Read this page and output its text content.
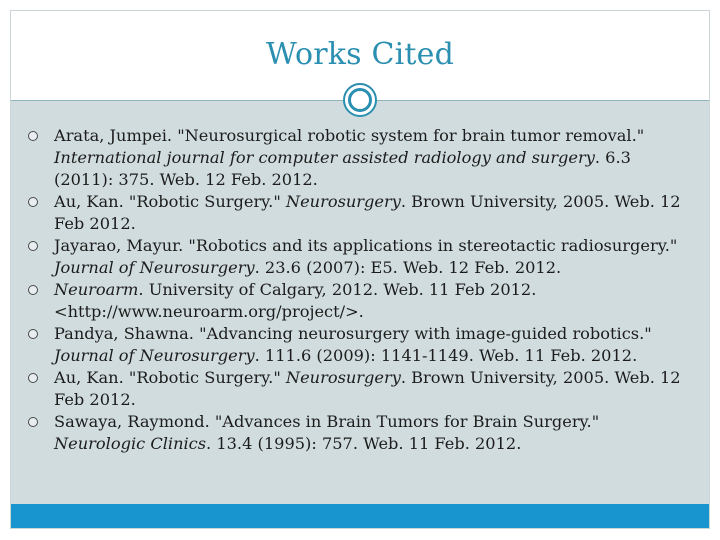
Works Cited
Arata, Jumpei. "Neurosurgical robotic system for brain tumor removal." International journal for computer assisted radiology and surgery. 6.3 (2011): 375. Web. 12 Feb. 2012.
Au, Kan. "Robotic Surgery." Neurosurgery. Brown University, 2005. Web. 12 Feb 2012.
Jayarao, Mayur. "Robotics and its applications in stereotactic radiosurgery." Journal of Neurosurgery. 23.6 (2007): E5. Web. 12 Feb. 2012.
Neuroarm. University of Calgary, 2012. Web. 11 Feb 2012. <http://www.neuroarm.org/project/>.
Pandya, Shawna. "Advancing neurosurgery with image-guided robotics." Journal of Neurosurgery. 111.6 (2009): 1141-1149. Web. 11 Feb. 2012.
Au, Kan. "Robotic Surgery." Neurosurgery. Brown University, 2005. Web. 12 Feb 2012.
Sawaya, Raymond. "Advances in Brain Tumors for Brain Surgery." Neurologic Clinics. 13.4 (1995): 757. Web. 11 Feb. 2012.
